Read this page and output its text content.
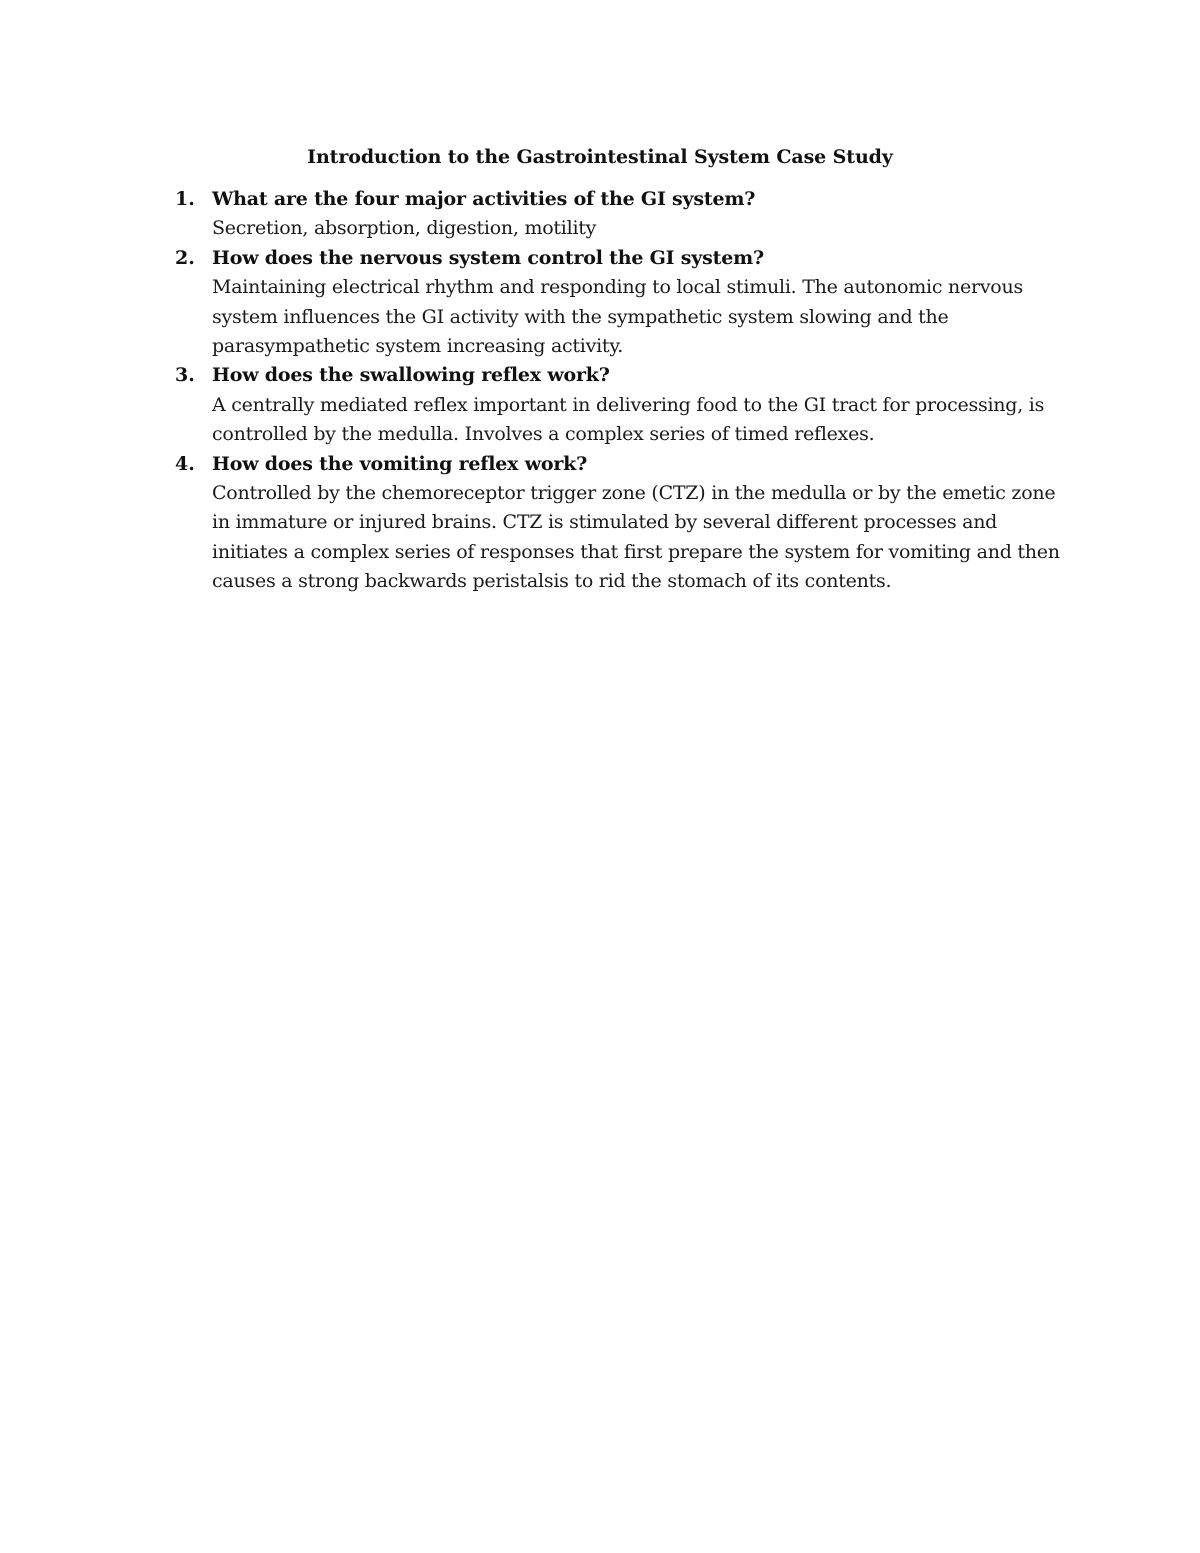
Introduction to the Gastrointestinal System Case Study
1. What are the four major activities of the GI system?
Secretion, absorption, digestion, motility
2. How does the nervous system control the GI system?
Maintaining electrical rhythm and responding to local stimuli. The autonomic nervous
system influences the GI activity with the sympathetic system slowing and the
parasympathetic system increasing activity.
3. How does the swallowing reflex work?
A centrally mediated reflex important in delivering food to the GI tract for processing, is
controlled by the medulla. Involves a complex series of timed reflexes.
4. How does the vomiting reflex work?
Controlled by the chemoreceptor trigger zone (CTZ) in the medulla or by the emetic zone
in immature or injured brains. CTZ is stimulated by several different processes and
initiates a complex series of responses that first prepare the system for vomiting and then
causes a strong backwards peristalsis to rid the stomach of its contents.
